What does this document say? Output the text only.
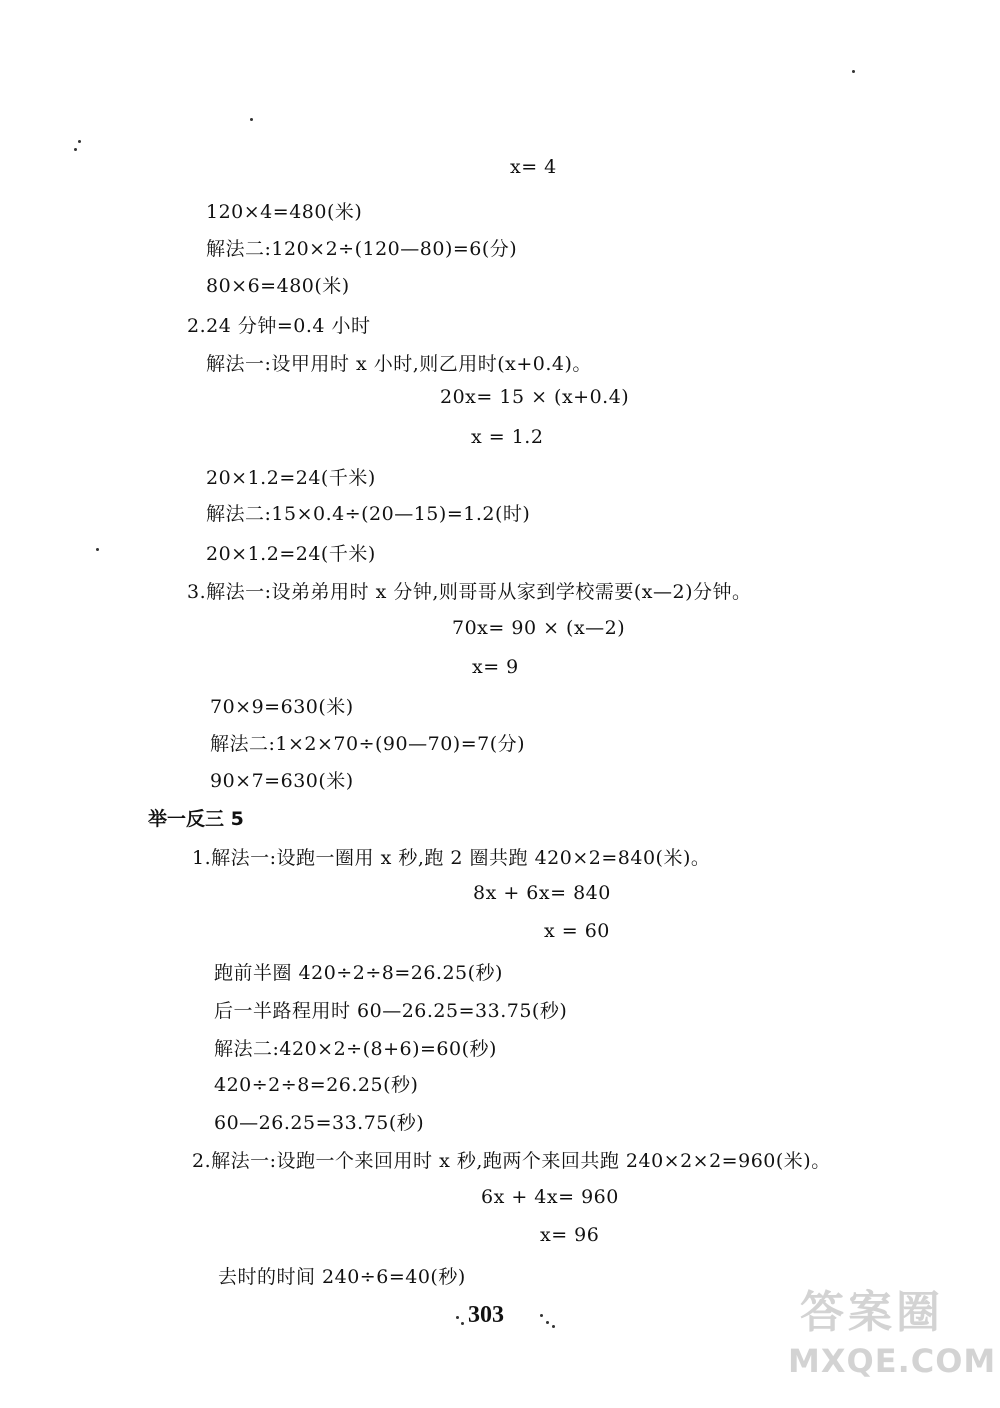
x= 4
120×4=480(米)
解法二:120×2÷(120—80)=6(分)
80×6=480(米)
2.24 分钟=0.4 小时
解法一:设甲用时 x 小时,则乙用时(x+0.4)。
20x= 15 × (x+0.4)
x = 1.2
20×1.2=24(千米)
解法二:15×0.4÷(20—15)=1.2(时)
20×1.2=24(千米)
3.解法一:设弟弟用时 x 分钟,则哥哥从家到学校需要(x—2)分钟。
70x= 90 × (x—2)
x= 9
70×9=630(米)
解法二:1×2×70÷(90—70)=7(分)
90×7=630(米)
举一反三 5
1.解法一:设跑一圈用 x 秒,跑 2 圈共跑 420×2=840(米)。
8x + 6x= 840
x = 60
跑前半圈 420÷2÷8=26.25(秒)
后一半路程用时 60—26.25=33.75(秒)
解法二:420×2÷(8+6)=60(秒)
420÷2÷8=26.25(秒)
60—26.25=33.75(秒)
2.解法一:设跑一个来回用时 x 秒,跑两个来回共跑 240×2×2=960(米)。
6x + 4x= 960
x= 96
去时的时间 240÷6=40(秒)
303	答案圈
MXQE.COM
